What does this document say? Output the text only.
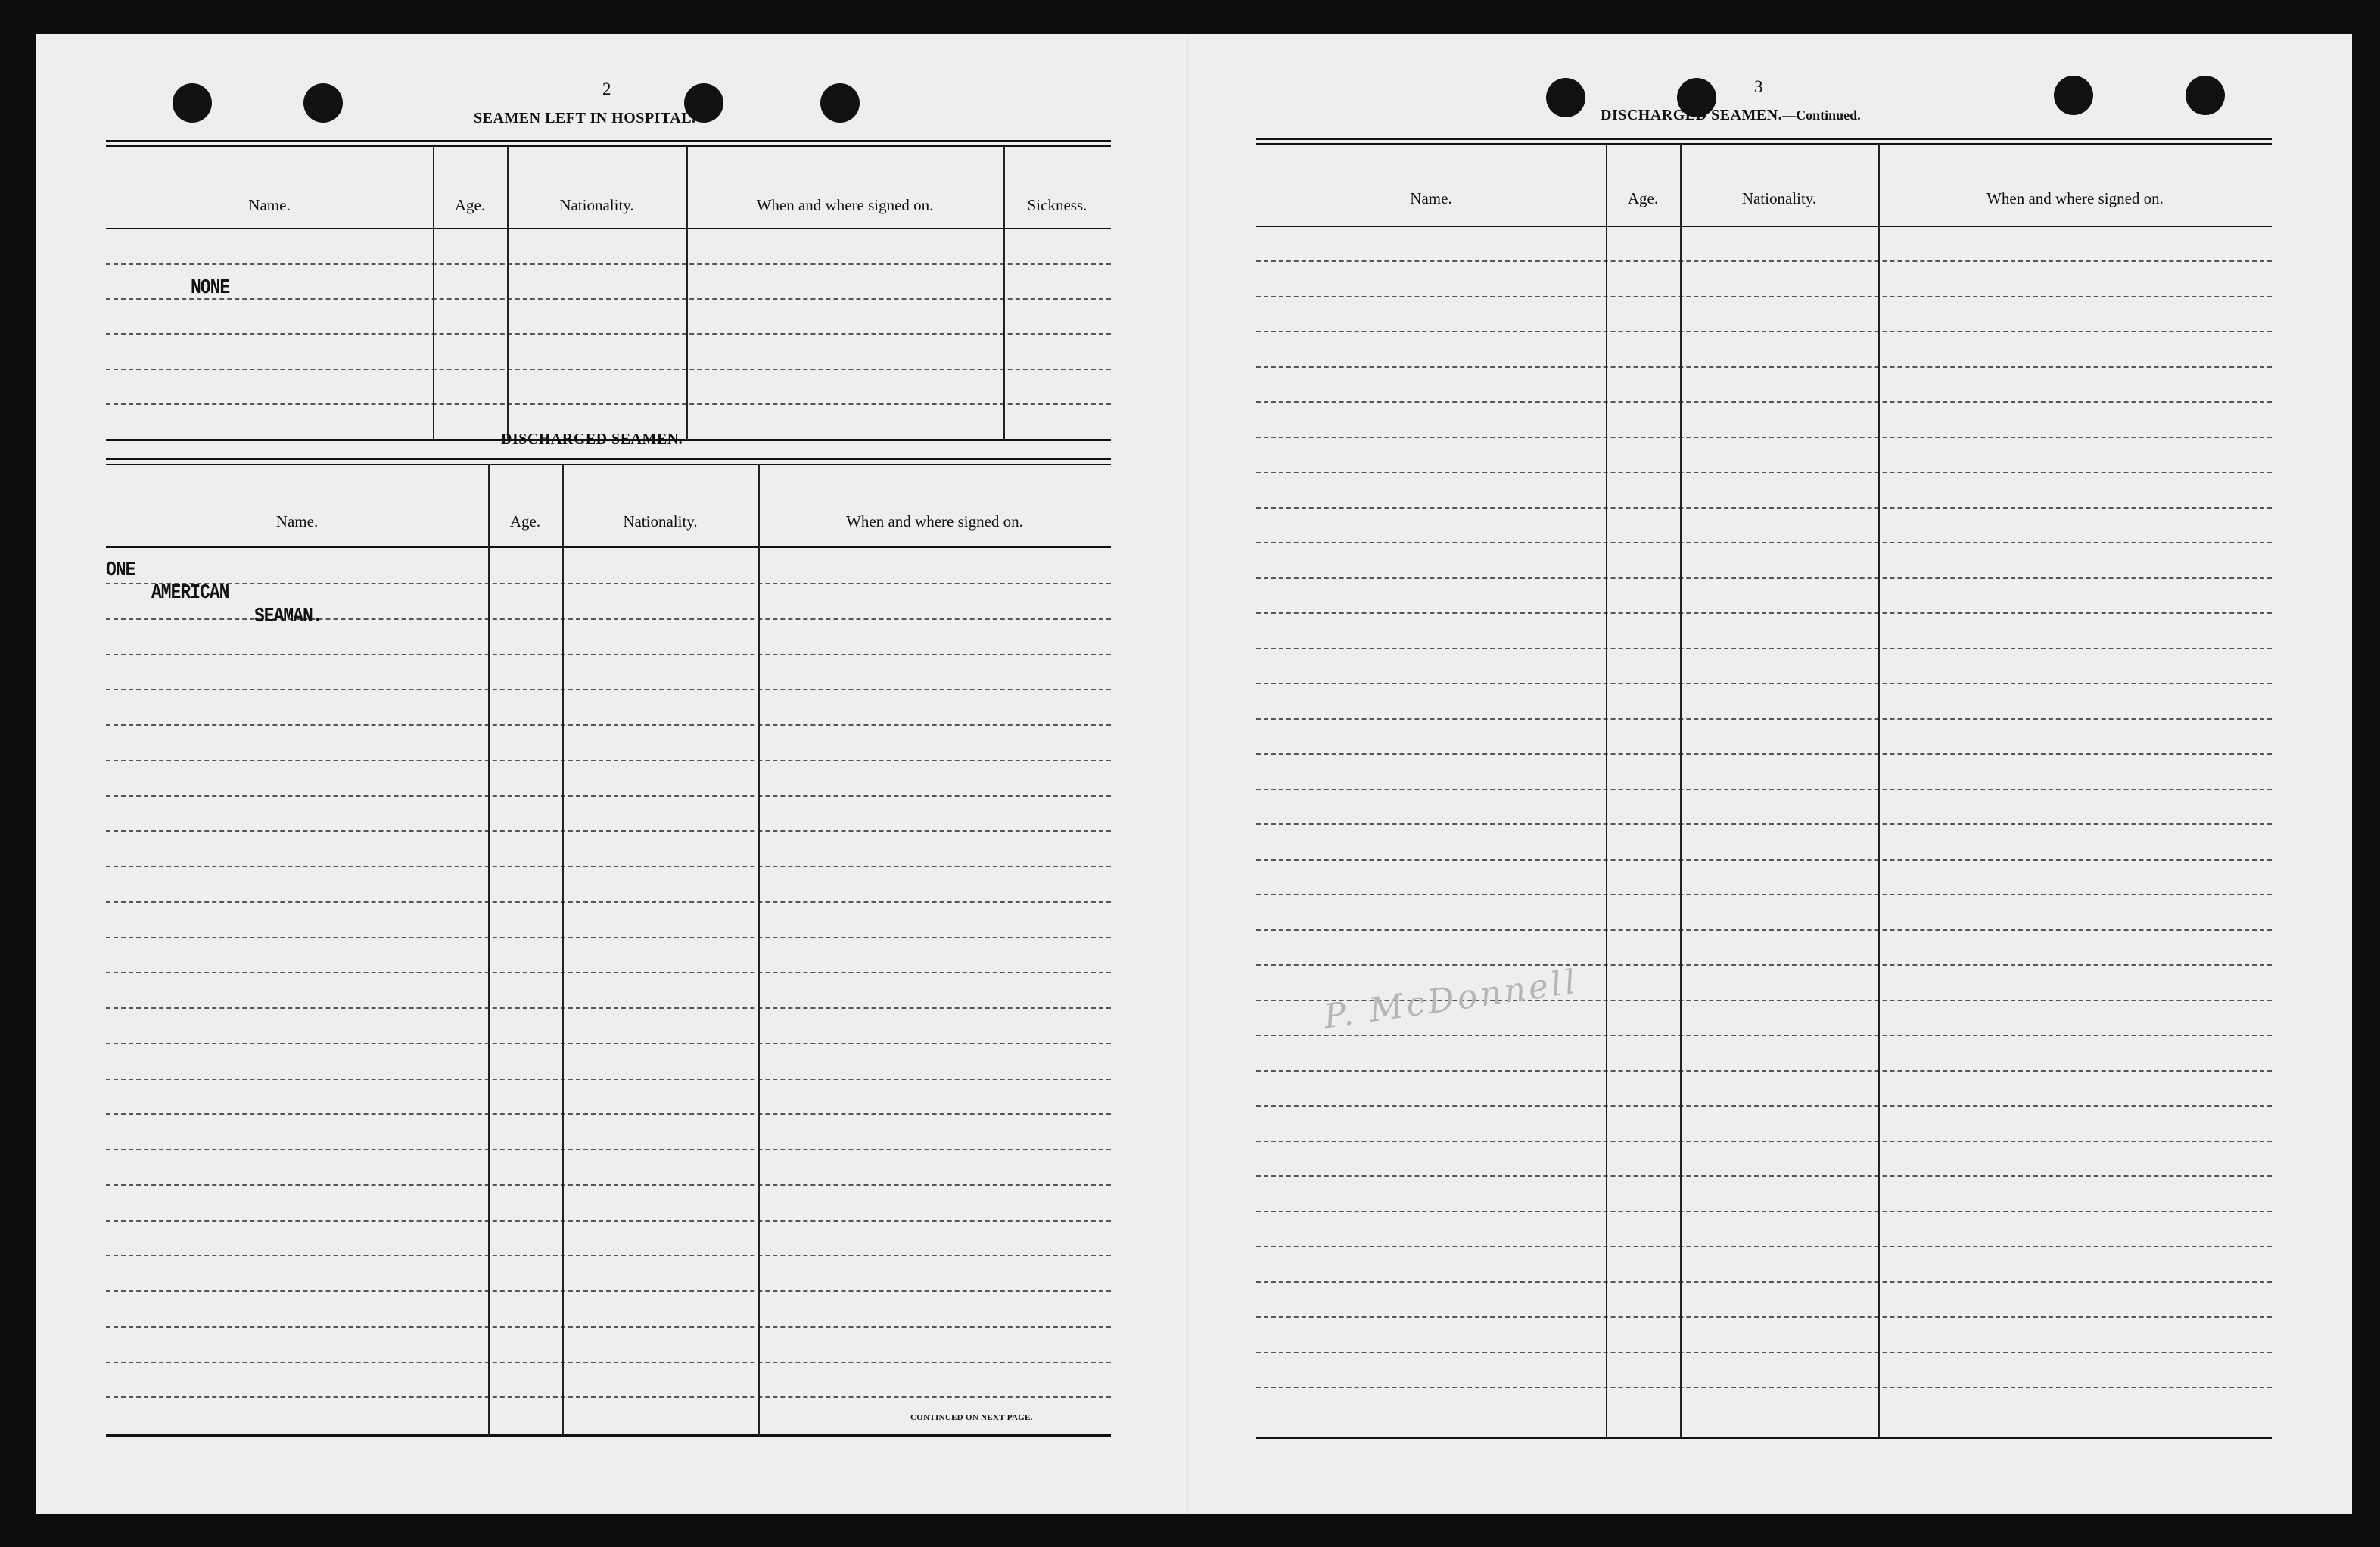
2
SEAMEN LEFT IN HOSPITAL.
Name.	Age.	Nationality.	When and where signed on.	Sickness.
NONE
DISCHARGED SEAMEN.
Name.	Age.	Nationality.	When and where signed on.
ONE
AMERICAN
SEAMAN.
CONTINUED ON NEXT PAGE.
3
DISCHARGED SEAMEN.—Continued.
Name.	Age.	Nationality.	When and where signed on.
P. McDonnell
